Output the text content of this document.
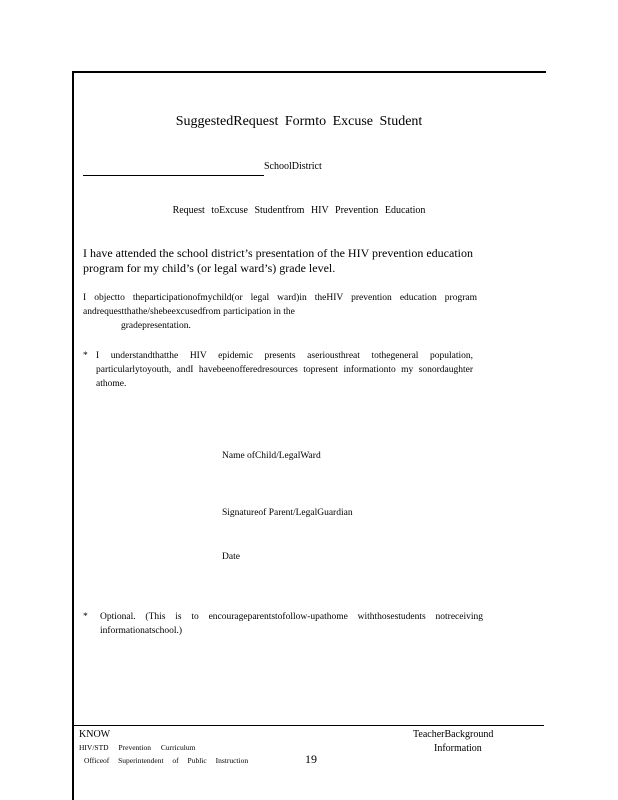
SuggestedRequest Formto Excuse Student
SchoolDistrict
Request toExcuse Studentfrom HIV Prevention Education
I have attended the school district’s presentation of the HIV prevention education program for my child’s (or legal ward’s) grade level.
I objectto theparticipationofmychild(or legal ward)in theHIV prevention education program andrequestthathe/shebeexcusedfrom participation in the
gradepresentation.
* I understandthatthe HIV epidemic presents aseriousthreat tothegeneral population, particularlytoyouth, andI havebeenofferedresources topresent informationto my sonordaughter athome.
Name ofChild/LegalWard
Signatureof Parent/LegalGuardian
Date
*	Optional. (This is to encourageparentstofollow-upathome withthosestudents notreceiving informationatschool.)
KNOW
HIV/STD Prevention Curriculum
Officeof Superintendent of Public Instruction
TeacherBackground
Information
19
